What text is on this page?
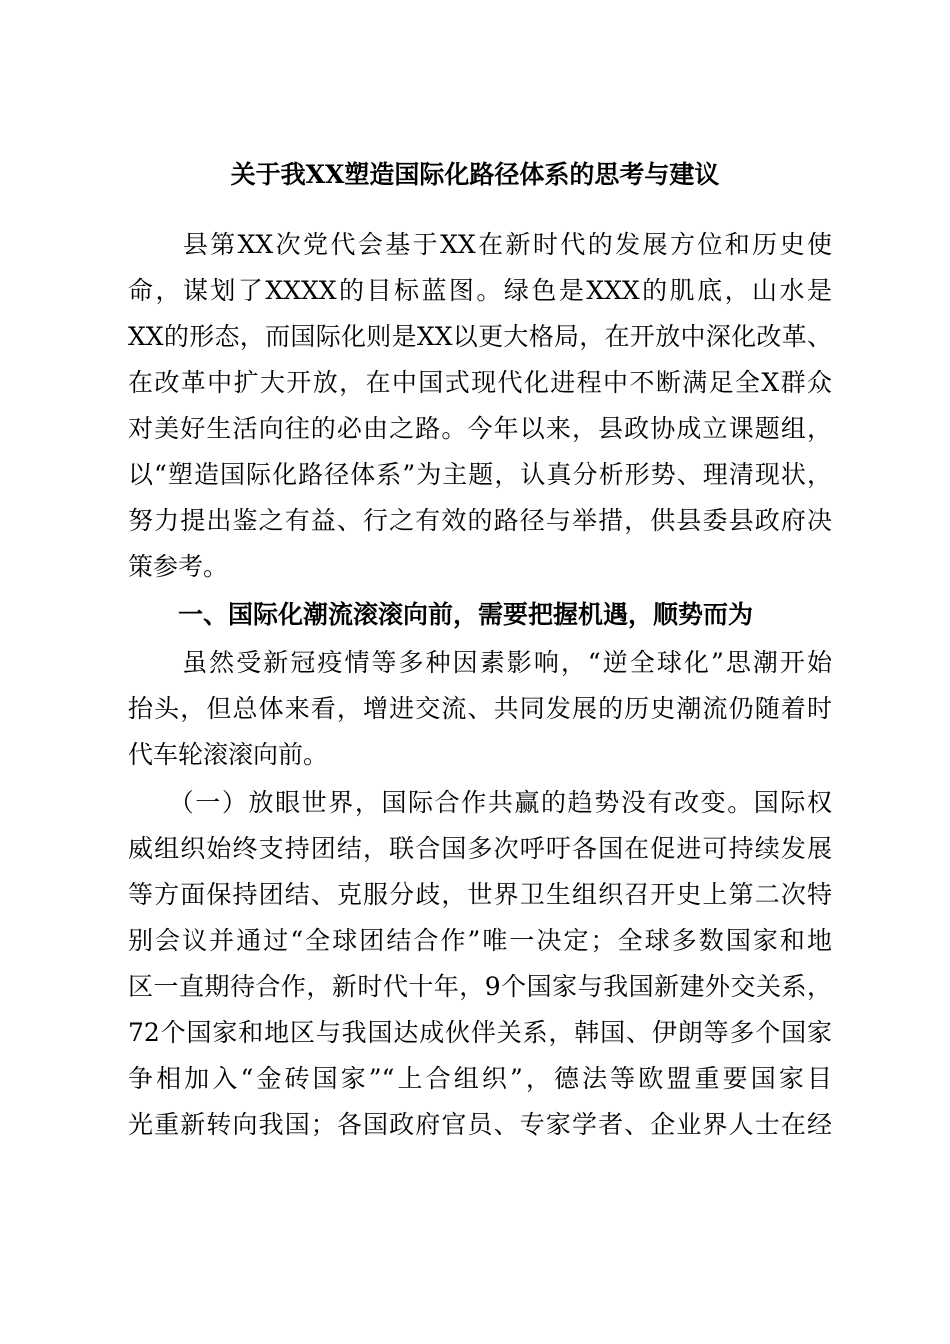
关于我XX塑造国际化路径体系的思考与建议
　　县第XX次党代会基于XX在新时代的发展方位和历史使
命，谋划了XXXX的目标蓝图。绿色是XXX的肌底，山水是
XX的形态，而国际化则是XX以更大格局，在开放中深化改革、
在改革中扩大开放，在中国式现代化进程中不断满足全X群众
对美好生活向往的必由之路。今年以来，县政协成立课题组，
以“塑造国际化路径体系”为主题，认真分析形势、理清现状，
努力提出鉴之有益、行之有效的路径与举措，供县委县政府决
策参考。
　　一、国际化潮流滚滚向前，需要把握机遇，顺势而为
　　虽然受新冠疫情等多种因素影响，“逆全球化”思潮开始
抬头，但总体来看，增进交流、共同发展的历史潮流仍随着时
代车轮滚滚向前。
　　（一）放眼世界，国际合作共赢的趋势没有改变。国际权
威组织始终支持团结，联合国多次呼吁各国在促进可持续发展
等方面保持团结、克服分歧，世界卫生组织召开史上第二次特
别会议并通过“全球团结合作”唯一决定；全球多数国家和地
区一直期待合作，新时代十年，9个国家与我国新建外交关系，
72个国家和地区与我国达成伙伴关系，韩国、伊朗等多个国家
争相加入“金砖国家”“上合组织”，德法等欧盟重要国家目
光重新转向我国；各国政府官员、专家学者、企业界人士在经
